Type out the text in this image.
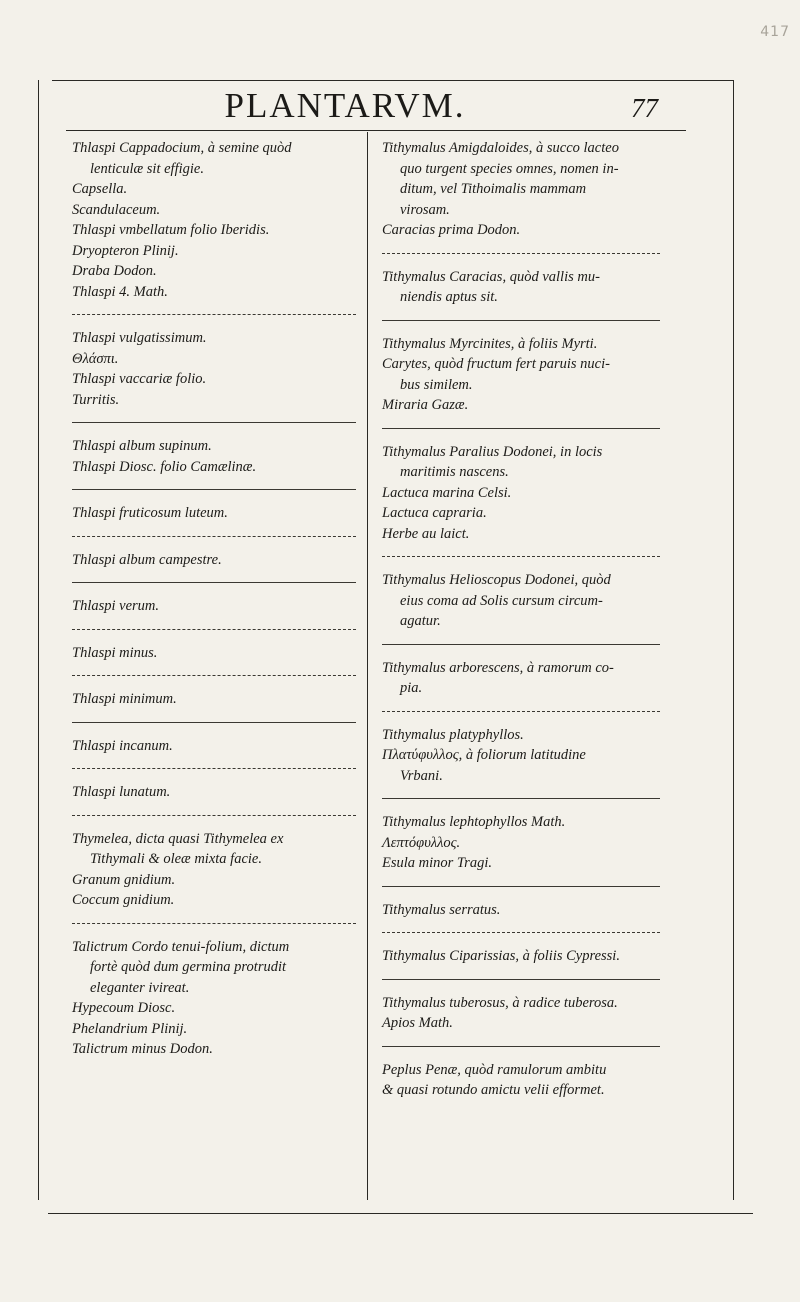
417
PLANTARVM.	77
Thlaspi Cappadocium, à semine quòd
lenticulæ sit effigie.
Capsella.
Scandulaceum.
Thlaspi vmbellatum folio Iberidis.
Dryopteron Plinij.
Draba Dodon.
Thlaspi 4. Math.
Thlaspi vulgatissimum.
Θλάσπι.
Thlaspi vaccariæ folio.
Turritis.
Thlaspi album supinum.
Thlaspi Diosc. folio Camælinæ.
Thlaspi fruticosum luteum.
Thlaspi album campestre.
Thlaspi verum.
Thlaspi minus.
Thlaspi minimum.
Thlaspi incanum.
Thlaspi lunatum.
Thymelea, dicta quasi Tithymelea ex
Tithymali & oleæ mixta facie.
Granum gnidium.
Coccum gnidium.
Talictrum Cordo tenui-folium, dictum
fortè quòd dum germina protrudit
eleganter ivireat.
Hypecoum Diosc.
Phelandrium Plinij.
Talictrum minus Dodon.
Tithymalus Amigdaloides, à succo lacteo
quo turgent species omnes, nomen in-
ditum, vel Tithoimalis mammam
virosam.
Caracias prima Dodon.
Tithymalus Caracias, quòd vallis mu-
niendis aptus sit.
Tithymalus Myrcinites, à foliis Myrti.
Carytes, quòd fructum fert paruis nuci-
bus similem.
Miraria Gazæ.
Tithymalus Paralius Dodonei, in locis
maritimis nascens.
Lactuca marina Celsi.
Lactuca capraria.
Herbe au laict.
Tithymalus Helioscopus Dodonei, quòd
eius coma ad Solis cursum circum-
agatur.
Tithymalus arborescens, à ramorum co-
pia.
Tithymalus platyphyllos.
Πλατύφυλλος, à foliorum latitudine
Vrbani.
Tithymalus lephtophyllos Math.
Λεπτόφυλλος.
Esula minor Tragi.
Tithymalus serratus.
Tithymalus Ciparissias, à foliis Cypressi.
Tithymalus tuberosus, à radice tuberosa.
Apios Math.
Peplus Penæ, quòd ramulorum ambitu
& quasi rotundo amictu velii efformet.
